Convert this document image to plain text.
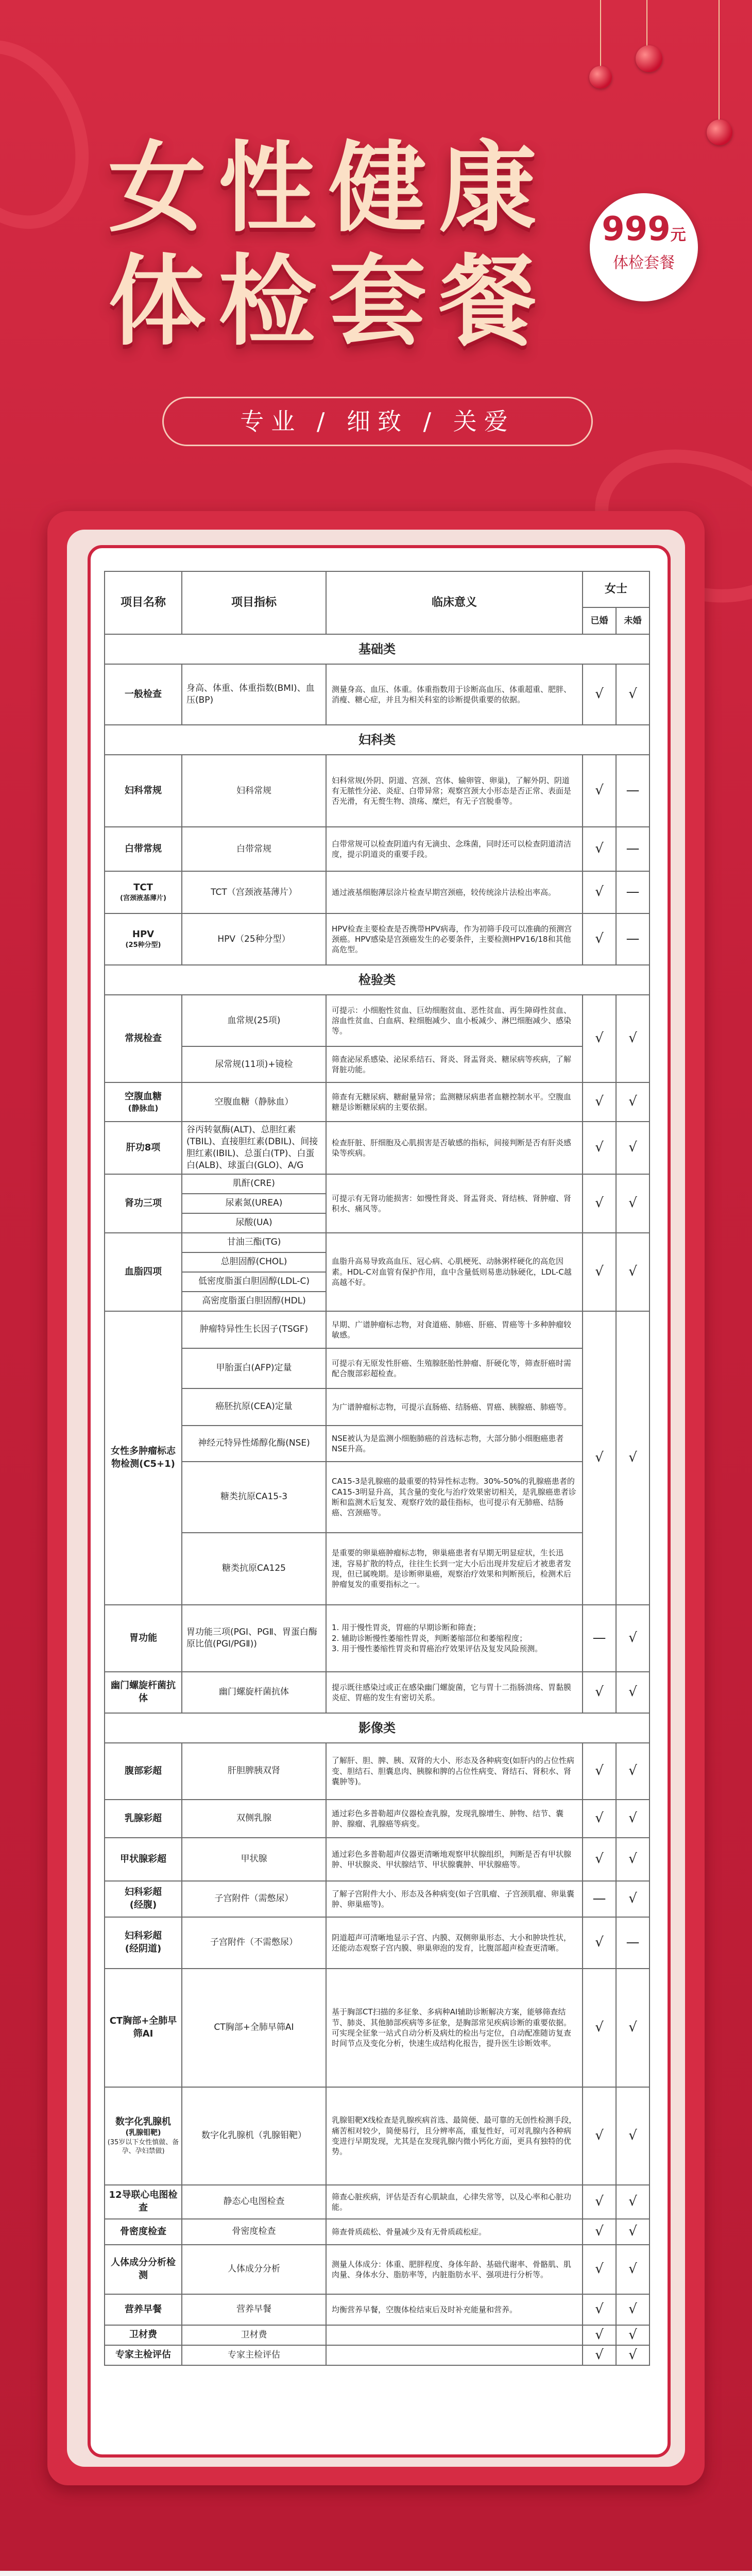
女性健康
体检套餐
999元
体检套餐
专业 / 细致 / 关爱
项目名称	项目指标	临床意义	女士	
			已婚	未婚
基础类				
一般检查	身高、体重、体重指数(BMI)、血压(BP)	测量身高、血压、体重。体重指数用于诊断高血压、体重超重、肥胖、消瘦、糖心症，并且为相关科室的诊断提供重要的依据。	√	√
妇科类				
妇科常规	妇科常规	妇科常规(外阴、阴道、宫颈、宫体、输卵管、卵巢)，了解外阴、阴道有无脓性分泌、炎症、白带异常；观察宫颈大小形态是否正常、表面是否光滑，有无赘生物、溃疡、糜烂，有无子宫脱垂等。	√	—
白带常规	白带常规	白带常规可以检查阴道内有无滴虫、念珠菌，同时还可以检查阴道清洁度，提示阴道炎的重要手段。	√	—

TCT
(宫颈液基薄片)	TCT（宫颈液基薄片）	通过液基细胞薄层涂片检查早期宫颈癌，较传统涂片法检出率高。	√	—

HPV
(25种分型)	HPV（25种分型）	HPV检查主要检查是否携带HPV病毒，作为初筛手段可以准确的预测宫颈癌。HPV感染是宫颈癌发生的必要条件，主要检测HPV16/18和其他高危型。	√	—
检验类				
常规检查	血常规(25项)	可提示：小细胞性贫血、巨幼细胞贫血、恶性贫血、再生障碍性贫血、溶血性贫血、白血病、粒细胞减少、血小板减少、淋巴细胞减少、感染等。	√	√
	尿常规(11项)+镜检	筛查泌尿系感染、泌尿系结石、肾炎、肾盂肾炎、糖尿病等疾病，了解肾脏功能。		

空腹血糖
(静脉血)	空腹血糖（静脉血）	筛查有无糖尿病、糖耐量异常；监测糖尿病患者血糖控制水平。空腹血糖是诊断糖尿病的主要依据。	√	√
肝功8项	谷丙转氨酶(ALT)、总胆红素(TBIL)、直接胆红素(DBIL)、间接胆红素(IBIL)、总蛋白(TP)、白蛋白(ALB)、球蛋白(GLO)、A/G	检查肝脏、肝细胞及心肌损害是否敏感的指标，间接判断是否有肝炎感染等疾病。	√	√
肾功三项	肌酐(CRE)	可提示有无肾功能损害：如慢性肾炎、肾盂肾炎、肾结核、肾肿瘤、肾积水、痛风等。	√	√
	尿素氮(UREA)			
	尿酸(UA)			
血脂四项	甘油三酯(TG)	血脂升高易导致高血压、冠心病、心肌梗死、动脉粥样硬化的高危因素。HDL-C对血管有保护作用，血中含量低则易患动脉硬化，LDL-C越高越不好。	√	√
	总胆固醇(CHOL)			
	低密度脂蛋白胆固醇(LDL-C)			
	高密度脂蛋白胆固醇(HDL)			
女性多肿瘤标志物检测(C5+1)	肿瘤特异性生长因子(TSGF)	早期、广谱肿瘤标志物，对食道癌、肺癌、肝癌、胃癌等十多种肿瘤较敏感。	√	√
	甲胎蛋白(AFP)定量	可提示有无原发性肝癌、生殖腺胚胎性肿瘤、肝硬化等，筛查肝癌时需配合腹部彩超检查。		
	癌胚抗原(CEA)定量	为广谱肿瘤标志物，可提示直肠癌、结肠癌、胃癌、胰腺癌、肺癌等。		
	神经元特异性烯醇化酶(NSE)	NSE被认为是监测小细胞肺癌的首选标志物，大部分肺小细胞癌患者NSE升高。		
	糖类抗原CA15-3	CA15-3是乳腺癌的最重要的特异性标志物。30%-50%的乳腺癌患者的CA15-3明显升高，其含量的变化与治疗效果密切相关，是乳腺癌患者诊断和监测术后复发、观察疗效的最佳指标，也可提示有无肺癌、结肠癌、宫颈癌等。		
	糖类抗原CA125	是重要的卵巢癌肿瘤标志物，卵巢癌患者有早期无明显症状，生长迅速，容易扩散的特点，往往生长到一定大小后出现并发症后才被患者发现，但已属晚期。是诊断卵巢癌，观察治疗效果和判断预后，检测术后肿瘤复发的重要指标之一。		
胃功能	胃功能三项(PGⅠ、PGⅡ、胃蛋白酶原比值(PGⅠ/PGⅡ))	1. 用于慢性胃炎，胃癌的早期诊断和筛查；
2. 辅助诊断慢性萎缩性胃炎，判断萎缩部位和萎缩程度；
3. 用于慢性萎缩性胃炎和胃癌治疗效果评估及复发风险预测。	—	√
幽门螺旋杆菌抗体	幽门螺旋杆菌抗体	提示既往感染过或正在感染幽门螺旋菌，它与胃十二指肠溃疡、胃黏膜炎症、胃癌的发生有密切关系。	√	√
影像类				
腹部彩超	肝胆脾胰双肾	了解肝、胆、脾、胰、双肾的大小、形态及各种病变(如肝内的占位性病变、胆结石、胆囊息肉、胰腺和脾的占位性病变、肾结石、肾积水、肾囊肿等)。	√	√
乳腺彩超	双侧乳腺	通过彩色多普勒超声仪器检查乳腺，发现乳腺增生、肿物、结节、囊肿、腺瘤、乳腺癌等病变。	√	√
甲状腺彩超	甲状腺	通过彩色多普勒超声仪器更清晰地观察甲状腺组织，判断是否有甲状腺肿、甲状腺炎、甲状腺结节、甲状腺囊肿、甲状腺癌等。	√	√

妇科彩超
(经腹)	子宫附件（需憋尿）	了解子宫附件大小、形态及各种病变(如子宫肌瘤、子宫颈肌瘤、卵巢囊肿、卵巢癌等)。	—	√

妇科彩超
(经阴道)	子宫附件（不需憋尿）	阴道超声可清晰地显示子宫、内膜、双侧卵巢形态、大小和肿块性状，还能动态观察子宫内膜、卵巢卵泡的发育，比腹部超声检查更清晰。	√	—
CT胸部+全肺早筛AI	CT胸部+全肺早筛AI	基于胸部CT扫描的多征象、多病种AI辅助诊断解决方案，能够筛查结节、肺炎、其他肺部疾病等多征象，是胸部常见疾病诊断的重要依据。可实现全征象一站式自动分析及病灶的检出与定位，自动配准随访复查时间节点及变化分析，快速生成结构化报告，提升医生诊断效率。	√	√

数字化乳腺机
(乳腺钼靶)
(35岁以下女性慎做、备孕、孕妇禁做)	数字化乳腺机（乳腺钼靶）	乳腺钼靶X线检查是乳腺疾病首选、最简便、最可靠的无创性检测手段，痛苦相对较少，简便易行，且分辨率高，重复性好，可对乳腺内各种病变进行早期发现，尤其是在发现乳腺内微小钙化方面，更具有独特的优势。	√	√
12导联心电图检查	静态心电图检查	筛查心脏疾病，评估是否有心肌缺血，心律失常等，以及心率和心脏功能。	√	√
骨密度检查	骨密度检查	筛查骨质疏松、骨量减少及有无骨质疏松症。	√	√
人体成分分析检测	人体成分分析	测量人体成分：体重、肥胖程度、身体年龄、基础代谢率、骨骼肌、肌肉量、身体水分、脂肪率等，内脏脂肪水平、强项进行分析等。	√	√
营养早餐	营养早餐	均衡营养早餐，空腹体检结束后及时补充能量和营养。	√	√
卫材费	卫材费		√	√
专家主检评估	专家主检评估		√	√
